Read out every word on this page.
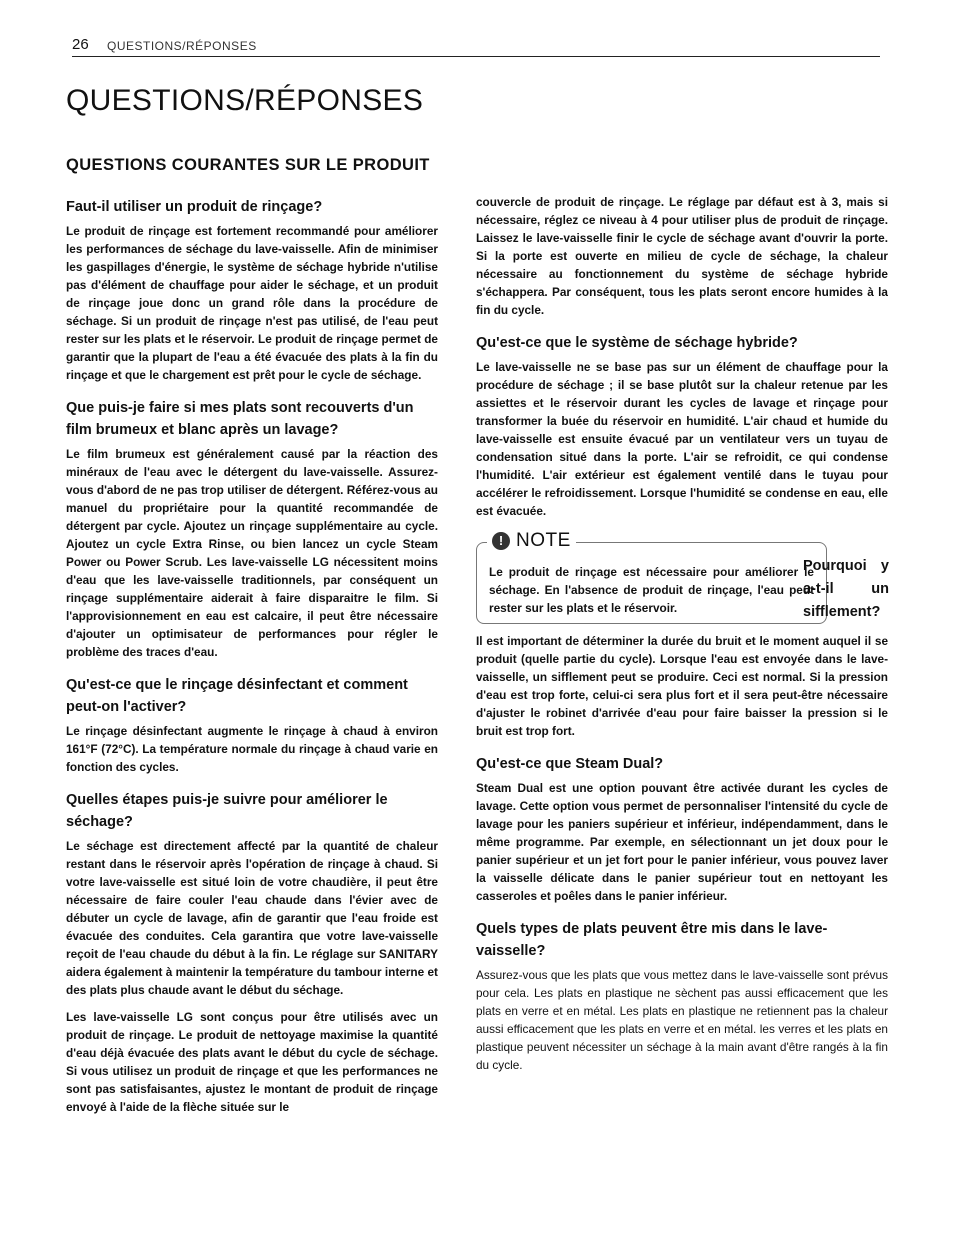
26 QUESTIONS/RÉPONSES
QUESTIONS/RÉPONSES
QUESTIONS COURANTES SUR LE PRODUIT

Faut-il utiliser un produit de rinçage?

Le produit de rinçage est fortement recommandé pour améliorer les performances de séchage du lave-vaisselle. Afin de minimiser les gaspillages d'énergie, le système de séchage hybride n'utilise pas d'élément de chauffage pour aider le séchage, et un produit de rinçage joue donc un grand rôle dans la procédure de séchage. Si un produit de rinçage n'est pas utilisé, de l'eau peut rester sur les plats et le réservoir. Le produit de rinçage permet de garantir que la plupart de l'eau a été évacuée des plats à la fin du rinçage et que le chargement est prêt pour le cycle de séchage.

Que puis-je faire si mes plats sont recouverts d'un film brumeux et blanc après un lavage?

Le film brumeux est généralement causé par la réaction des minéraux de l'eau avec le détergent du lave-vaisselle. Assurez-vous d'abord de ne pas trop utiliser de détergent. Référez-vous au manuel du propriétaire pour la quantité recommandée de détergent par cycle. Ajoutez un rinçage supplémentaire au cycle. Ajoutez un cycle Extra Rinse, ou bien lancez un cycle Steam Power ou Power Scrub. Les lave-vaisselle LG nécessitent moins d'eau que les lave-vaisselle traditionnels, par conséquent un rinçage supplémentaire aiderait à faire disparaitre le film. Si l'approvisionnement en eau est calcaire, il peut être nécessaire d'ajouter un optimisateur de performances pour régler le problème des traces d'eau.

Qu'est-ce que le rinçage désinfectant et comment peut-on l'activer?

Le rinçage désinfectant augmente le rinçage à chaud à environ 161°F (72°C). La température normale du rinçage à chaud varie en fonction des cycles.

Quelles étapes puis-je suivre pour améliorer le séchage?

Le séchage est directement affecté par la quantité de chaleur restant dans le réservoir après l'opération de rinçage à chaud. Si votre lave-vaisselle est situé loin de votre chaudière, il peut être nécessaire de faire couler l'eau chaude dans l'évier avec de débuter un cycle de lavage, afin de garantir que l'eau froide est évacuée des conduites. Cela garantira que votre lave-vaisselle reçoit de l'eau chaude du début à la fin. Le réglage sur SANITARY aidera également à maintenir la température du tambour interne et des plats plus chaude avant le début du séchage.

Les lave-vaisselle LG sont conçus pour être utilisés avec un produit de rinçage. Le produit de nettoyage maximise la quantité d'eau déjà évacuée des plats avant le début du cycle de séchage. Si vous utilisez un produit de rinçage et que les performances ne sont pas satisfaisantes, ajustez le montant de produit de rinçage envoyé à l'aide de la flèche située sur le

couvercle de produit de rinçage. Le réglage par défaut est à 3, mais si nécessaire, réglez ce niveau à 4 pour utiliser plus de produit de rinçage. Laissez le lave-vaisselle finir le cycle de séchage avant d'ouvrir la porte. Si la porte est ouverte en milieu de cycle de séchage, la chaleur nécessaire au fonctionnement du système de séchage hybride s'échappera. Par conséquent, tous les plats seront encore humides à la fin du cycle.

Qu'est-ce que le système de séchage hybride?

Le lave-vaisselle ne se base pas sur un élément de chauffage pour la procédure de séchage ; il se base plutôt sur la chaleur retenue par les assiettes et le réservoir durant les cycles de lavage et rinçage pour transformer la buée du réservoir en humidité. L'air chaud et humide du lave-vaisselle est ensuite évacué par un ventilateur vers un tuyau de condensation situé dans la porte. L'air se refroidit, ce qui condense l'humidité. L'air extérieur est également ventilé dans le tuyau pour accélérer le refroidissement. Lorsque l'humidité se condense en eau, elle est évacuée.

! NOTE

Le produit de rinçage est nécessaire pour améliorer le séchage. En l'absence de produit de rinçage, l'eau peut rester sur les plats et le réservoir.

Il est important de déterminer la durée du bruit et le moment auquel il se produit (quelle partie du cycle). Lorsque l'eau est envoyée dans le lave-vaisselle, un sifflement peut se produire. Ceci est normal. Si la pression d'eau est trop forte, celui-ci sera plus fort et il sera peut-être nécessaire d'ajuster le robinet d'arrivée d'eau pour faire baisser la pression si le bruit est trop fort.

Qu'est-ce que Steam Dual?

Steam Dual est une option pouvant être activée durant les cycles de lavage. Cette option vous permet de personnaliser l'intensité du cycle de lavage pour les paniers supérieur et inférieur, indépendamment, dans le même programme. Par exemple, en sélectionnant un jet doux pour le panier supérieur et un jet fort pour le panier inférieur, vous pouvez laver la vaisselle délicate dans le panier supérieur tout en nettoyant les casseroles et poêles dans le panier inférieur.

Quels types de plats peuvent être mis dans le lave-vaisselle?

Assurez-vous que les plats que vous mettez dans le lave-vaisselle sont prévus pour cela. Les plats en plastique ne sèchent pas aussi efficacement que les plats en verre et en métal. Les plats en plastique ne retiennent pas la chaleur aussi efficacement que les plats en verre et en métal. les verres et les plats en plastique peuvent nécessiter un séchage à la main avant d'être rangés à la fin du cycle.

Pourquoi y a-t-il un sifflement?
